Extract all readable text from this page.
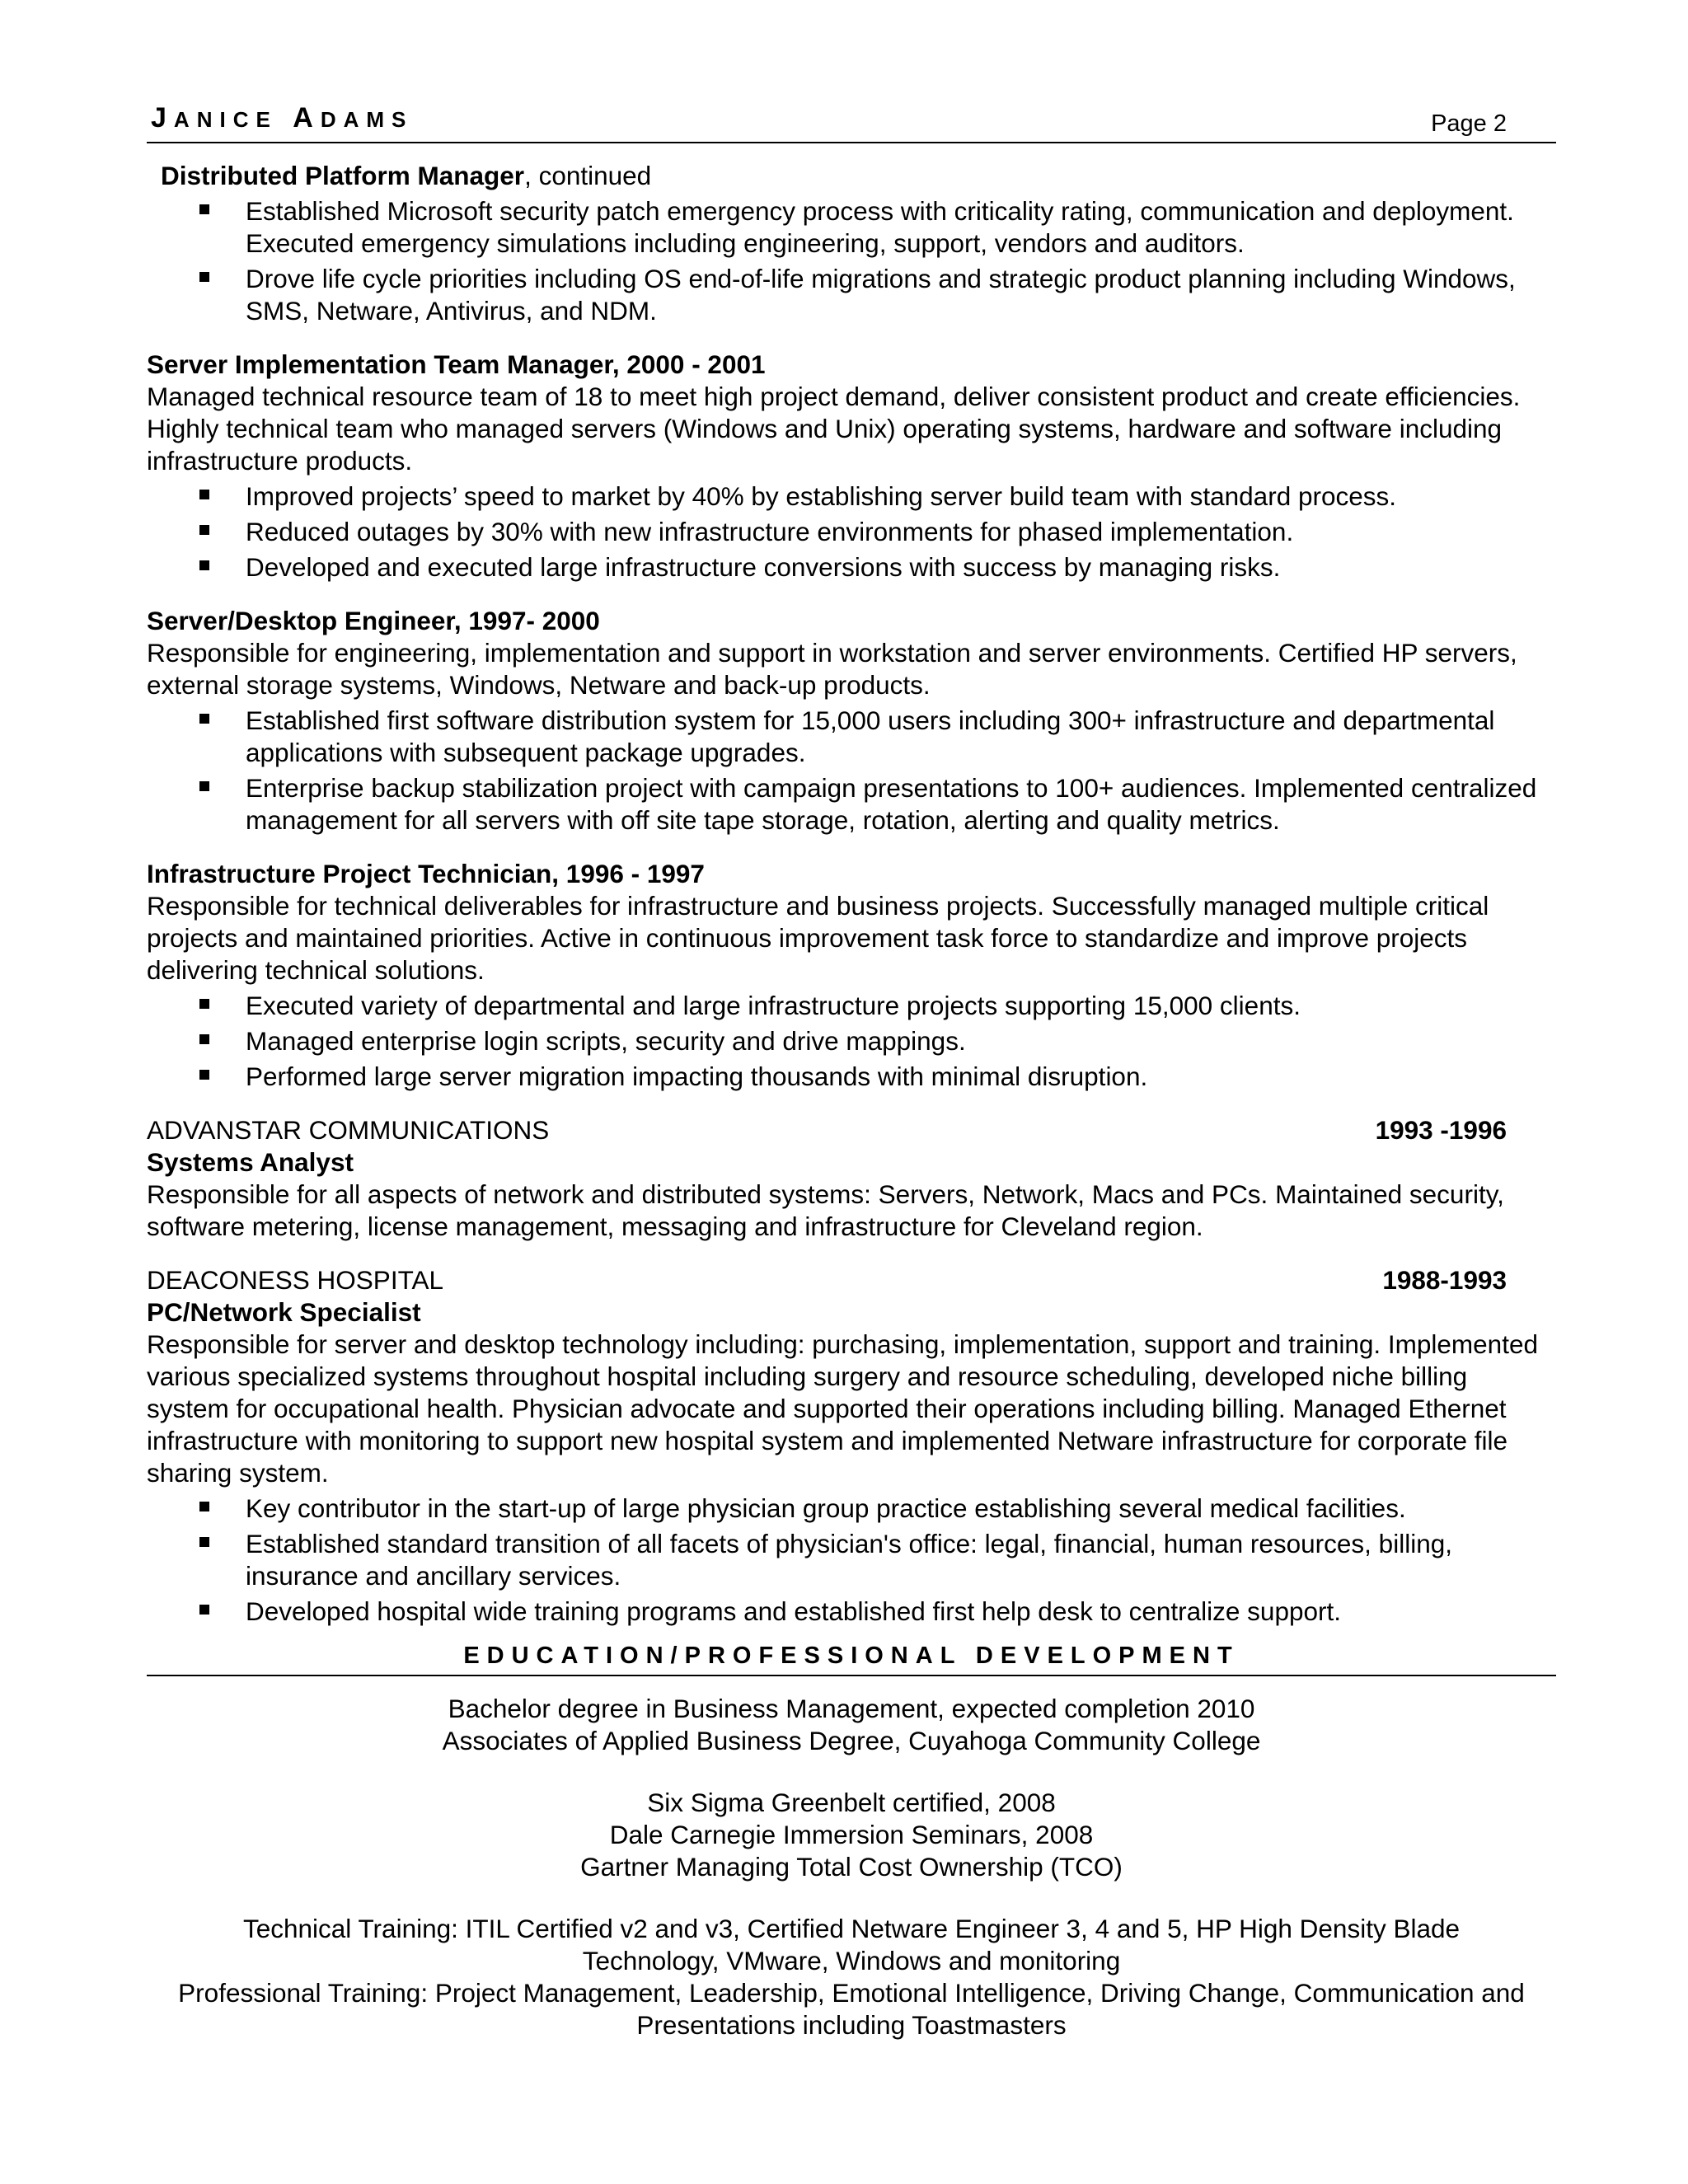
JANICE ADAMS	Page 2
Distributed Platform Manager, continued
Established Microsoft security patch emergency process with criticality rating, communication and deployment. Executed emergency simulations including engineering, support, vendors and auditors.
Drove life cycle priorities including OS end-of-life migrations and strategic product planning including Windows, SMS, Netware, Antivirus, and NDM.
Server Implementation Team Manager, 2000 - 2001

Managed technical resource team of 18 to meet high project demand, deliver consistent product and create efficiencies. Highly technical team who managed servers (Windows and Unix) operating systems, hardware and software including infrastructure products.

Improved projects’ speed to market by 40% by establishing server build team with standard process.
Reduced outages by 30% with new infrastructure environments for phased implementation.
Developed and executed large infrastructure conversions with success by managing risks.
Server/Desktop Engineer, 1997- 2000

Responsible for engineering, implementation and support in workstation and server environments. Certified HP servers, external storage systems, Windows, Netware and back-up products.

Established first software distribution system for 15,000 users including 300+ infrastructure and departmental applications with subsequent package upgrades.
Enterprise backup stabilization project with campaign presentations to 100+ audiences. Implemented centralized management for all servers with off site tape storage, rotation, alerting and quality metrics.
Infrastructure Project Technician, 1996 - 1997

Responsible for technical deliverables for infrastructure and business projects. Successfully managed multiple critical projects and maintained priorities. Active in continuous improvement task force to standardize and improve projects delivering technical solutions.

Executed variety of departmental and large infrastructure projects supporting 15,000 clients.
Managed enterprise login scripts, security and drive mappings.
Performed large server migration impacting thousands with minimal disruption.
ADVANSTAR COMMUNICATIONS	1993 -1996
Systems Analyst

Responsible for all aspects of network and distributed systems: Servers, Network, Macs and PCs. Maintained security, software metering, license management, messaging and infrastructure for Cleveland region.

DEACONESS HOSPITAL	1988-1993
PC/Network Specialist

Responsible for server and desktop technology including: purchasing, implementation, support and training. Implemented various specialized systems throughout hospital including surgery and resource scheduling, developed niche billing system for occupational health. Physician advocate and supported their operations including billing. Managed Ethernet infrastructure with monitoring to support new hospital system and implemented Netware infrastructure for corporate file sharing system.

Key contributor in the start-up of large physician group practice establishing several medical facilities.
Established standard transition of all facets of physician's office: legal, financial, human resources, billing, insurance and ancillary services.
Developed hospital wide training programs and established first help desk to centralize support.
EDUCATION/PROFESSIONAL DEVELOPMENT
Bachelor degree in Business Management, expected completion 2010
Associates of Applied Business Degree, Cuyahoga Community College
Six Sigma Greenbelt certified, 2008
Dale Carnegie Immersion Seminars, 2008
Gartner Managing Total Cost Ownership (TCO)
Technical Training: ITIL Certified v2 and v3, Certified Netware Engineer 3, 4 and 5, HP High Density Blade Technology, VMware, Windows and monitoring
Professional Training: Project Management, Leadership, Emotional Intelligence, Driving Change, Communication and Presentations including Toastmasters
